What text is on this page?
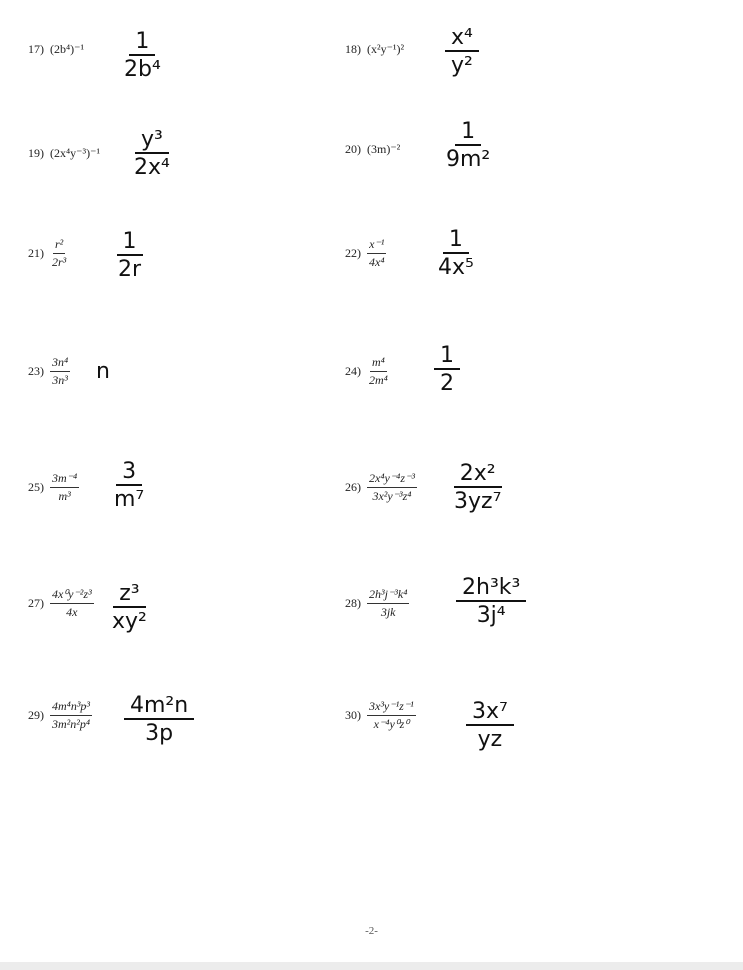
17) $(2b^4)^{-1} \frac{1}{\text{2b⁴}}$	18) $(x^2y^{-1})^2 \frac{\text{x⁴}}{\text{y²}}$
19) $(2x^4y^{-3})^{-1} \frac{\text{y³}}{\text{2x⁴}}$	20) $(3m)^{-2} \frac{1}{\text{9m²}}$
$21) \frac{\text{r²}}{\text{2r³}} \frac{1}{2r}$	$22) \frac{\text{x⁻¹}}{\text{4x⁴}} \frac{1}{\text{4x⁵}}$
$23) \frac{\text{3n⁴}}{\text{3n³}}$ n	$24) \frac{\text{m⁴}}{\text{2m⁴}} \frac{1}{2}$
$25) \frac{\text{3m⁻⁴}}{\text{m³}} \frac{3}{\text{m⁷}}$	$26) \frac{\text{2x⁴y⁻⁴z⁻³}}{\text{3x²y⁻³z⁴}} \frac{\text{2x²}}{\text{3yz⁷}}$
$27) \frac{\text{4x⁰y⁻²z³}}{4x} \frac{\text{z³}}{\text{xy²}}$	$28) \frac{\text{2h³j⁻³k⁴}}{3jk} \frac{\text{2h³k³}}{\text{3j⁴}}$
$29) \frac{\text{4m⁴n³p³}}{\text{3m²n²p⁴}} \frac{\text{4m²n}}{3p}$	$30) \frac{\text{3x³y⁻¹z⁻¹}}{\text{x⁻⁴y⁰z⁰}} \frac{\text{3x⁷}}{yz}$
-2-
